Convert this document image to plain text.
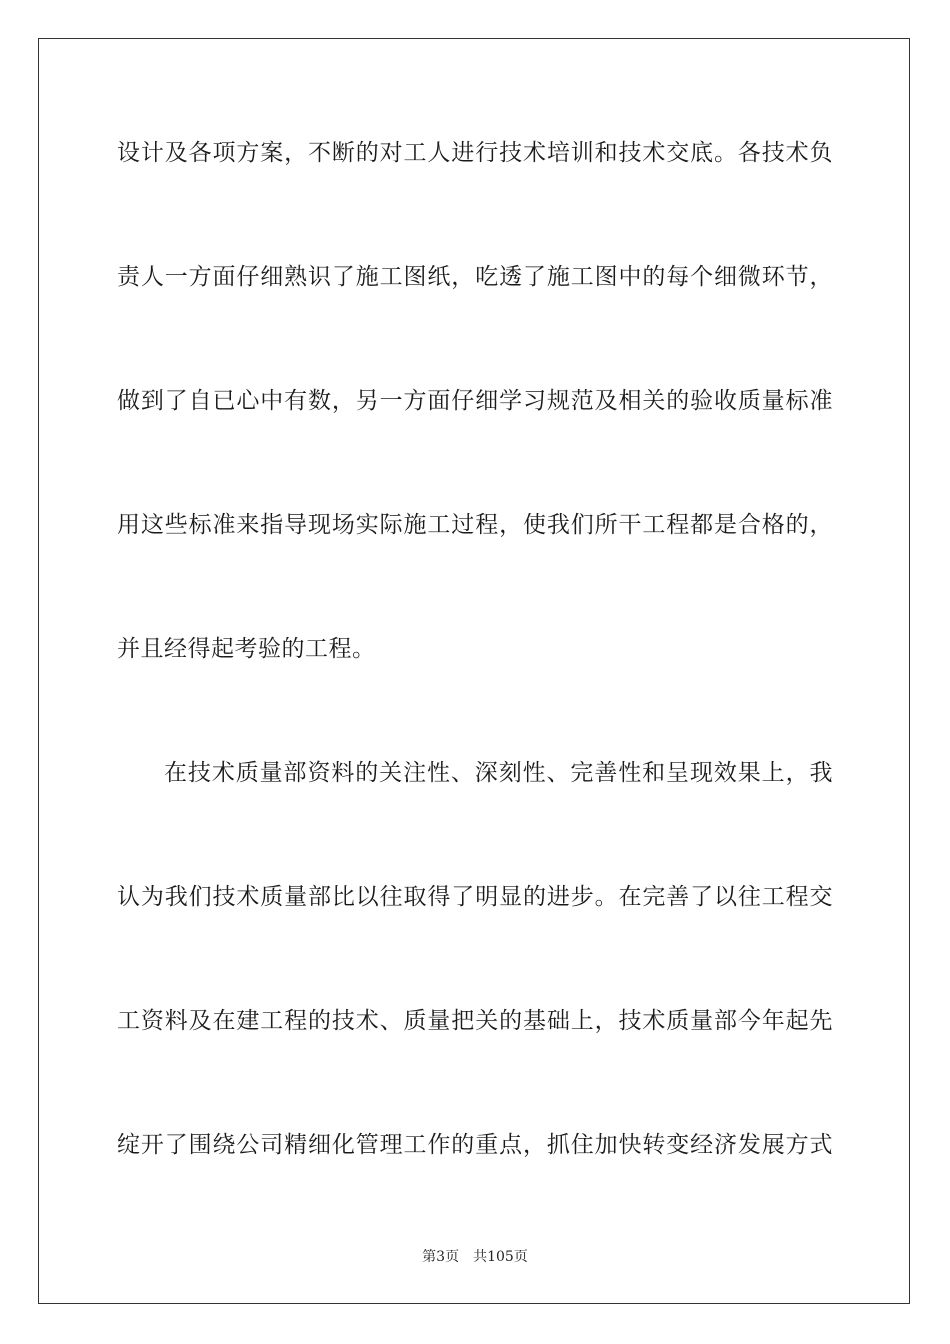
设计及各项方案，不断的对工人进行技术培训和技术交底。各技术负
责人一方面仔细熟识了施工图纸，吃透了施工图中的每个细微环节，
做到了自已心中有数，另一方面仔细学习规范及相关的验收质量标准
用这些标准来指导现场实际施工过程，使我们所干工程都是合格的，
并且经得起考验的工程。
在技术质量部资料的关注性、深刻性、完善性和呈现效果上，我
认为我们技术质量部比以往取得了明显的进步。在完善了以往工程交
工资料及在建工程的技术、质量把关的基础上，技术质量部今年起先
绽开了围绕公司精细化管理工作的重点，抓住加快转变经济发展方式
第3页 共105页
